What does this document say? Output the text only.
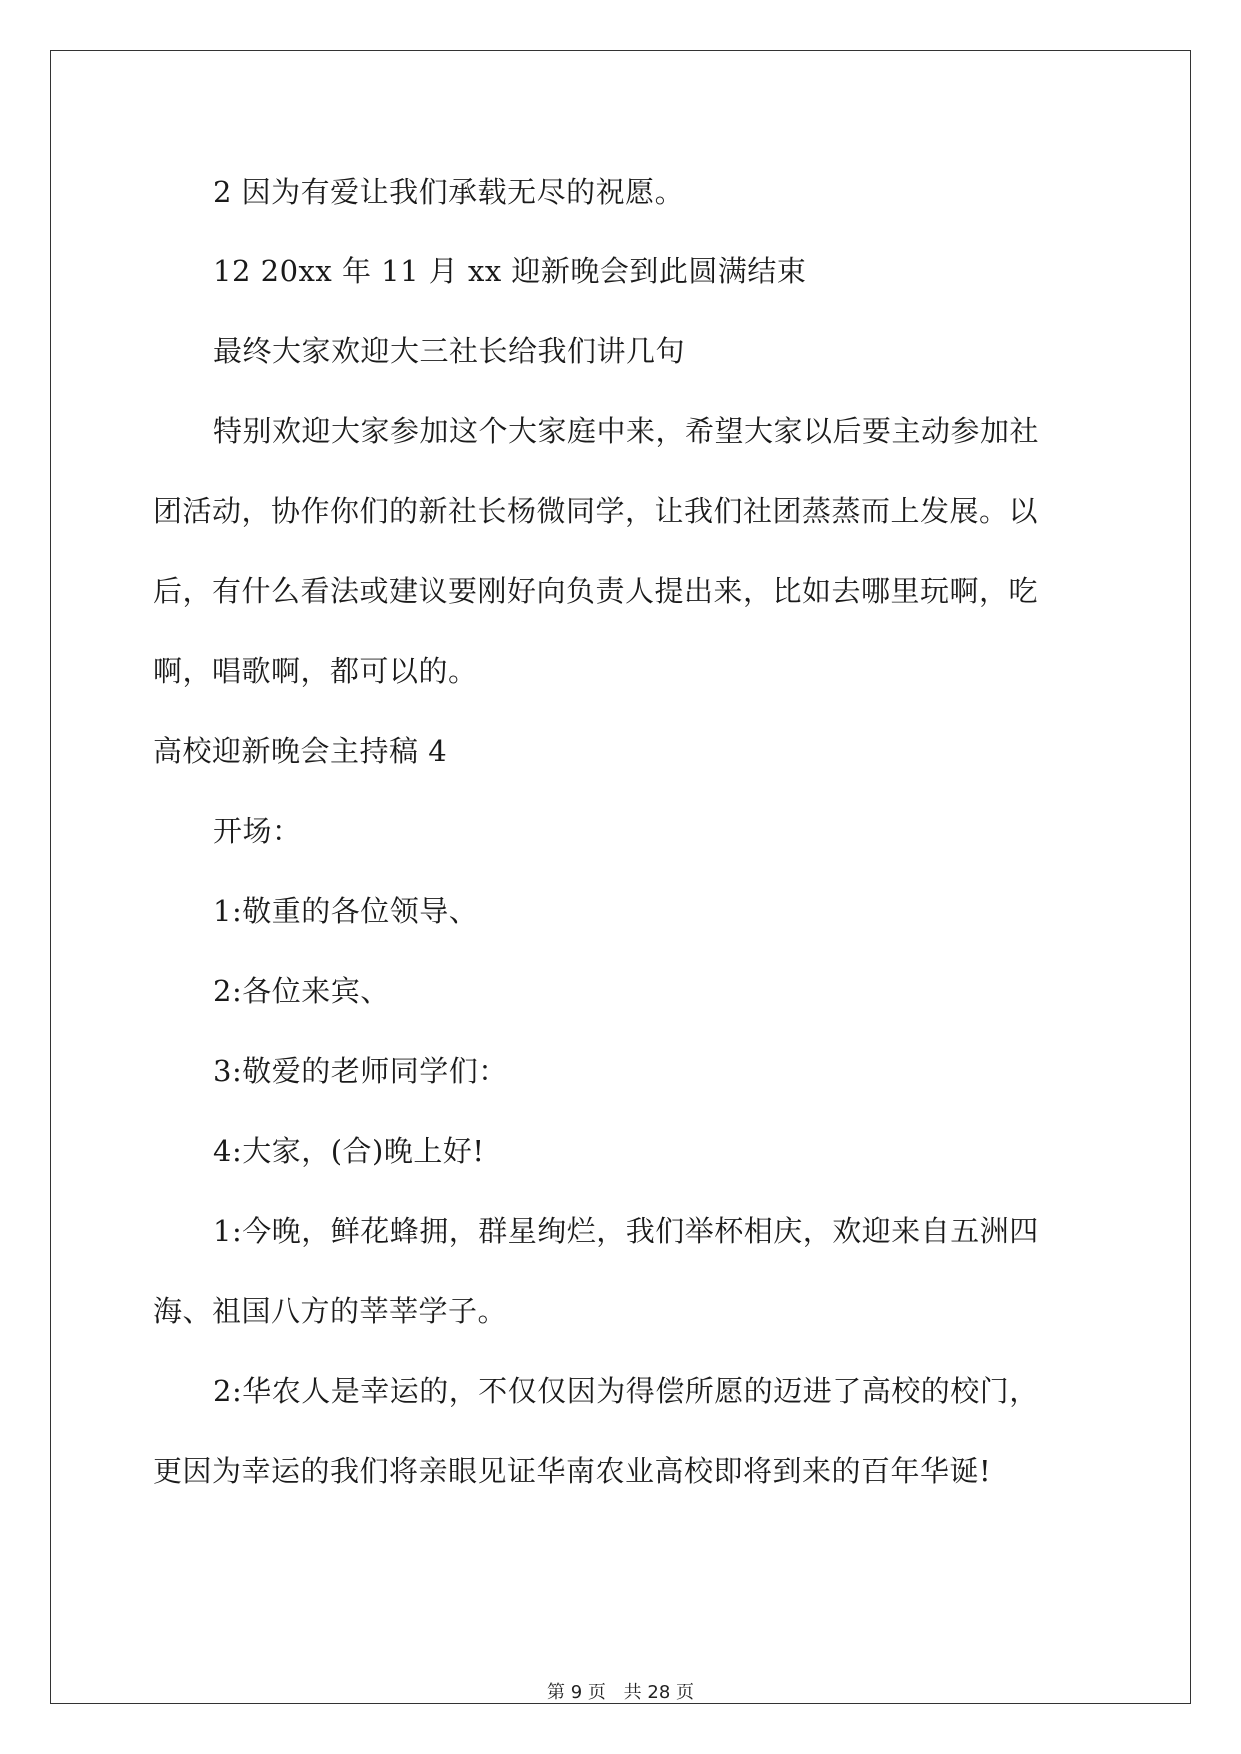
2 因为有爱让我们承载无尽的祝愿。
12 20xx 年 11 月 xx 迎新晚会到此圆满结束
最终大家欢迎大三社长给我们讲几句
特别欢迎大家参加这个大家庭中来，希望大家以后要主动参加社
团活动，协作你们的新社长杨微同学，让我们社团蒸蒸而上发展。以
后，有什么看法或建议要刚好向负责人提出来，比如去哪里玩啊，吃
啊，唱歌啊，都可以的。
高校迎新晚会主持稿 4
开场：
1:敬重的各位领导、
2:各位来宾、
3:敬爱的老师同学们：
4:大家，(合)晚上好!
1:今晚，鲜花蜂拥，群星绚烂，我们举杯相庆，欢迎来自五洲四
海、祖国八方的莘莘学子。
2:华农人是幸运的，不仅仅因为得偿所愿的迈进了高校的校门，
更因为幸运的我们将亲眼见证华南农业高校即将到来的百年华诞!
第 9 页 共 28 页
